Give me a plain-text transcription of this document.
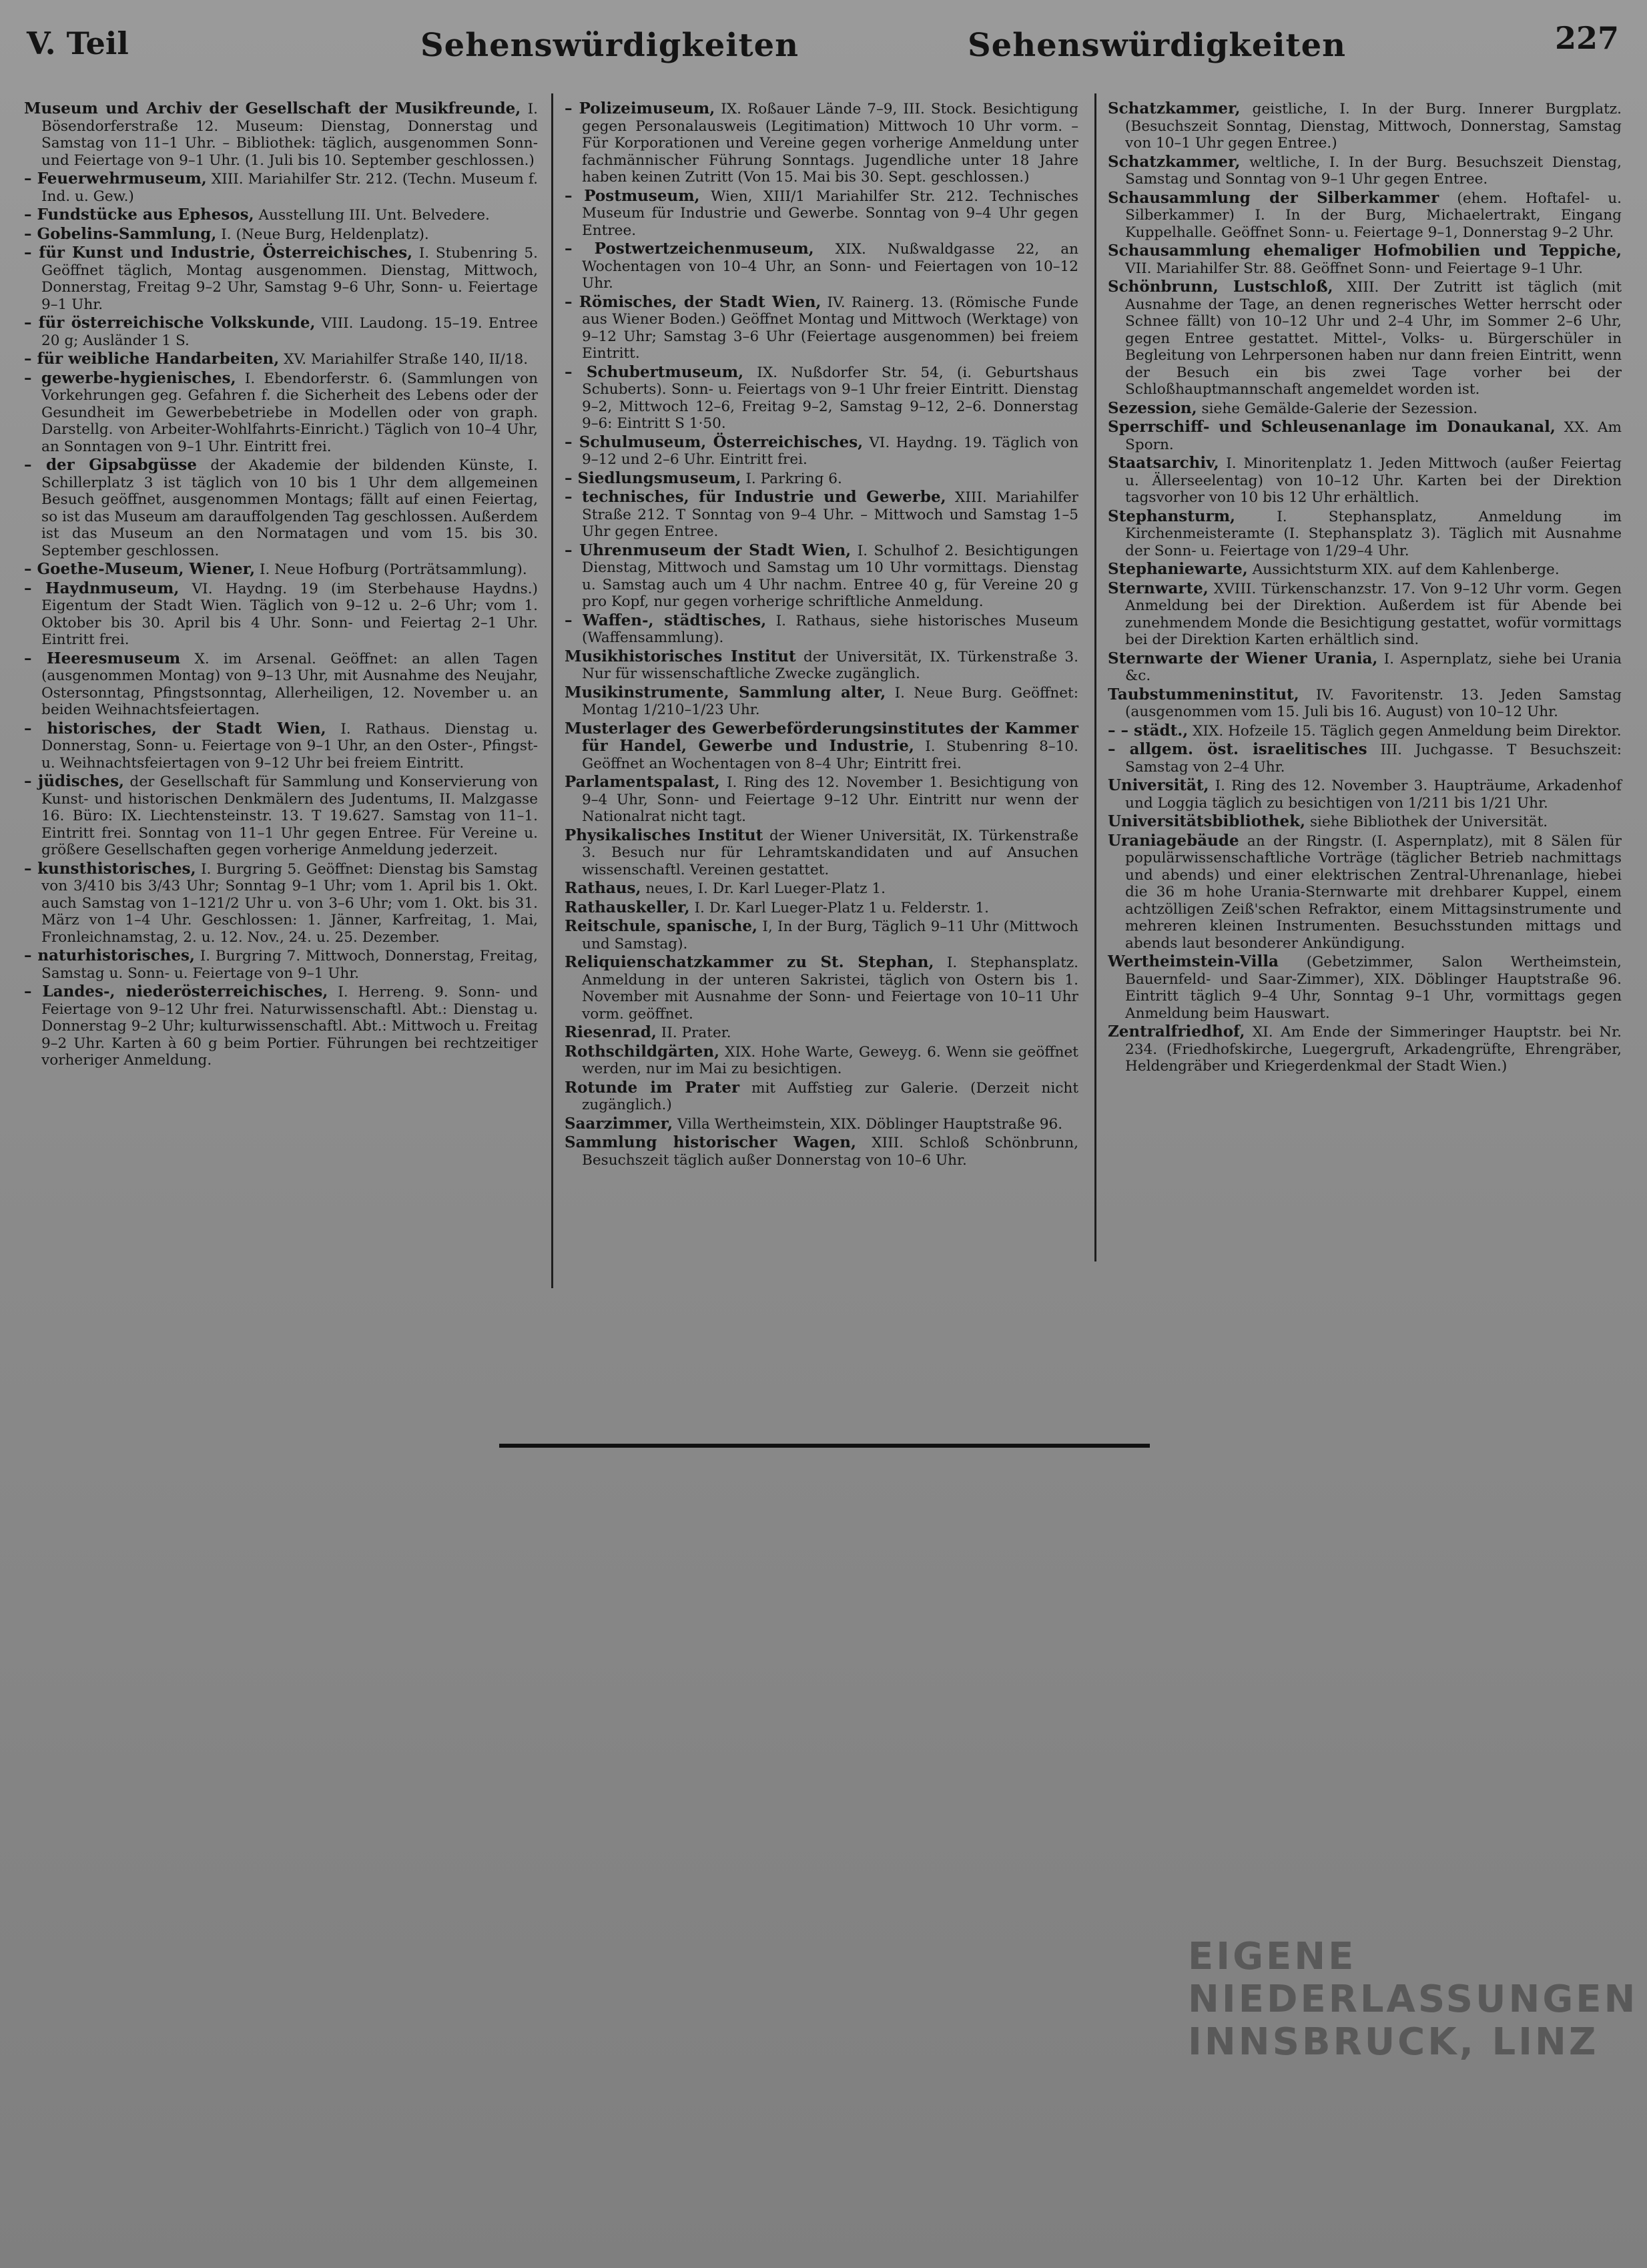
V. Teil	Sehenswürdigkeiten	Sehenswürdigkeiten	227
Museum und Archiv der Gesellschaft der Musikfreunde, I. Bösendorferstraße 12. Museum: Dienstag, Donnerstag und Samstag von 11–1 Uhr. – Bibliothek: täglich, ausgenommen Sonn- und Feiertage von 9–1 Uhr. (1. Juli bis 10. September geschlossen.)
– Feuerwehrmuseum, XIII. Mariahilfer Str. 212. (Techn. Museum f. Ind. u. Gew.)
– Fundstücke aus Ephesos, Ausstellung III. Unt. Belvedere.
– Gobelins-Sammlung, I. (Neue Burg, Heldenplatz).
– für Kunst und Industrie, Österreichisches, I. Stubenring 5. Geöffnet täglich, Montag ausgenommen. Dienstag, Mittwoch, Donnerstag, Freitag 9–2 Uhr, Samstag 9–6 Uhr, Sonn- u. Feiertage 9–1 Uhr.
– für österreichische Volkskunde, VIII. Laudong. 15–19. Entree 20 g; Ausländer 1 S.
– für weibliche Handarbeiten, XV. Mariahilfer Straße 140, II/18.
– gewerbe-hygienisches, I. Ebendorferstr. 6. (Sammlungen von Vorkehrungen geg. Gefahren f. die Sicherheit des Lebens oder der Gesundheit im Gewerbebetriebe in Modellen oder von graph. Darstellg. von Arbeiter-Wohlfahrts-Einricht.) Täglich von 10–4 Uhr, an Sonntagen von 9–1 Uhr. Eintritt frei.
– der Gipsabgüsse der Akademie der bildenden Künste, I. Schillerplatz 3 ist täglich von 10 bis 1 Uhr dem allgemeinen Besuch geöffnet, ausgenommen Montags; fällt auf einen Feiertag, so ist das Museum am darauffolgenden Tag geschlossen. Außerdem ist das Museum an den Normatagen und vom 15. bis 30. September geschlossen.
– Goethe-Museum, Wiener, I. Neue Hofburg (Porträtsammlung).
– Haydnmuseum, VI. Haydng. 19 (im Sterbehause Haydns.) Eigentum der Stadt Wien. Täglich von 9–12 u. 2–6 Uhr; vom 1. Oktober bis 30. April bis 4 Uhr. Sonn- und Feiertag 2–1 Uhr. Eintritt frei.
– Heeresmuseum X. im Arsenal. Geöffnet: an allen Tagen (ausgenommen Montag) von 9–13 Uhr, mit Ausnahme des Neujahr, Ostersonntag, Pfingstsonntag, Allerheiligen, 12. November u. an beiden Weihnachtsfeiertagen.
– historisches, der Stadt Wien, I. Rathaus. Dienstag u. Donnerstag, Sonn- u. Feiertage von 9–1 Uhr, an den Oster-, Pfingst- u. Weihnachtsfeiertagen von 9–12 Uhr bei freiem Eintritt.
– jüdisches, der Gesellschaft für Sammlung und Konservierung von Kunst- und historischen Denkmälern des Judentums, II. Malzgasse 16. Büro: IX. Liechtensteinstr. 13. T 19.627. Samstag von 11–1. Eintritt frei. Sonntag von 11–1 Uhr gegen Entree. Für Vereine u. größere Gesellschaften gegen vorherige Anmeldung jederzeit.
– kunsthistorisches, I. Burgring 5. Geöffnet: Dienstag bis Samstag von 3/410 bis 3/43 Uhr; Sonntag 9–1 Uhr; vom 1. April bis 1. Okt. auch Samstag von 1–121/2 Uhr u. von 3–6 Uhr; vom 1. Okt. bis 31. März von 1–4 Uhr. Geschlossen: 1. Jänner, Karfreitag, 1. Mai, Fronleichnamstag, 2. u. 12. Nov., 24. u. 25. Dezember.
– naturhistorisches, I. Burgring 7. Mittwoch, Donnerstag, Freitag, Samstag u. Sonn- u. Feiertage von 9–1 Uhr.
– Landes-, niederösterreichisches, I. Herreng. 9. Sonn- und Feiertage von 9–12 Uhr frei. Naturwissenschaftl. Abt.: Dienstag u. Donnerstag 9–2 Uhr; kulturwissenschaftl. Abt.: Mittwoch u. Freitag 9–2 Uhr. Karten à 60 g beim Portier. Führungen bei rechtzeitiger vorheriger Anmeldung.
– Polizeimuseum, IX. Roßauer Lände 7–9, III. Stock. Besichtigung gegen Personalausweis (Legitimation) Mittwoch 10 Uhr vorm. – Für Korporationen und Vereine gegen vorherige Anmeldung unter fachmännischer Führung Sonntags. Jugendliche unter 18 Jahre haben keinen Zutritt (Von 15. Mai bis 30. Sept. geschlossen.)
– Postmuseum, Wien, XIII/1 Mariahilfer Str. 212. Technisches Museum für Industrie und Gewerbe. Sonntag von 9–4 Uhr gegen Entree.
– Postwertzeichenmuseum, XIX. Nußwaldgasse 22, an Wochentagen von 10–4 Uhr, an Sonn- und Feiertagen von 10–12 Uhr.
– Römisches, der Stadt Wien, IV. Rainerg. 13. (Römische Funde aus Wiener Boden.) Geöffnet Montag und Mittwoch (Werktage) von 9–12 Uhr; Samstag 3–6 Uhr (Feiertage ausgenommen) bei freiem Eintritt.
– Schubertmuseum, IX. Nußdorfer Str. 54, (i. Geburtshaus Schuberts). Sonn- u. Feiertags von 9–1 Uhr freier Eintritt. Dienstag 9–2, Mittwoch 12–6, Freitag 9–2, Samstag 9–12, 2–6. Donnerstag 9–6: Eintritt S 1·50.
– Schulmuseum, Österreichisches, VI. Haydng. 19. Täglich von 9–12 und 2–6 Uhr. Eintritt frei.
– Siedlungsmuseum, I. Parkring 6.
– technisches, für Industrie und Gewerbe, XIII. Mariahilfer Straße 212. T Sonntag von 9–4 Uhr. – Mittwoch und Samstag 1–5 Uhr gegen Entree.
– Uhrenmuseum der Stadt Wien, I. Schulhof 2. Besichtigungen Dienstag, Mittwoch und Samstag um 10 Uhr vormittags. Dienstag u. Samstag auch um 4 Uhr nachm. Entree 40 g, für Vereine 20 g pro Kopf, nur gegen vorherige schriftliche Anmeldung.
– Waffen-, städtisches, I. Rathaus, siehe historisches Museum (Waffensammlung).
Musikhistorisches Institut der Universität, IX. Türkenstraße 3. Nur für wissenschaftliche Zwecke zugänglich.
Musikinstrumente, Sammlung alter, I. Neue Burg. Geöffnet: Montag 1/210–1/23 Uhr.
Musterlager des Gewerbeförderungsinstitutes der Kammer für Handel, Gewerbe und Industrie, I. Stubenring 8–10. Geöffnet an Wochentagen von 8–4 Uhr; Eintritt frei.
Parlamentspalast, I. Ring des 12. November 1. Besichtigung von 9–4 Uhr, Sonn- und Feiertage 9–12 Uhr. Eintritt nur wenn der Nationalrat nicht tagt.
Physikalisches Institut der Wiener Universität, IX. Türkenstraße 3. Besuch nur für Lehramtskandidaten und auf Ansuchen wissenschaftl. Vereinen gestattet.
Rathaus, neues, I. Dr. Karl Lueger-Platz 1.
Rathauskeller, I. Dr. Karl Lueger-Platz 1 u. Felderstr. 1.
Reitschule, spanische, I, In der Burg, Täglich 9–11 Uhr (Mittwoch und Samstag).
Reliquienschatzkammer zu St. Stephan, I. Stephansplatz. Anmeldung in der unteren Sakristei, täglich von Ostern bis 1. November mit Ausnahme der Sonn- und Feiertage von 10–11 Uhr vorm. geöffnet.
Riesenrad, II. Prater.
Rothschildgärten, XIX. Hohe Warte, Geweyg. 6. Wenn sie geöffnet werden, nur im Mai zu besichtigen.
Rotunde im Prater mit Auffstieg zur Galerie. (Derzeit nicht zugänglich.)
Saarzimmer, Villa Wertheimstein, XIX. Döblinger Hauptstraße 96.
Sammlung historischer Wagen, XIII. Schloß Schönbrunn, Besuchszeit täglich außer Donnerstag von 10–6 Uhr.
Schatzkammer, geistliche, I. In der Burg. Innerer Burgplatz. (Besuchszeit Sonntag, Dienstag, Mittwoch, Donnerstag, Samstag von 10–1 Uhr gegen Entree.)
Schatzkammer, weltliche, I. In der Burg. Besuchszeit Dienstag, Samstag und Sonntag von 9–1 Uhr gegen Entree.
Schausammlung der Silberkammer (ehem. Hoftafel- u. Silberkammer) I. In der Burg, Michaelertrakt, Eingang Kuppelhalle. Geöffnet Sonn- u. Feiertage 9–1, Donnerstag 9–2 Uhr.
Schausammlung ehemaliger Hofmobilien und Teppiche, VII. Mariahilfer Str. 88. Geöffnet Sonn- und Feiertage 9–1 Uhr.
Schönbrunn, Lustschloß, XIII. Der Zutritt ist täglich (mit Ausnahme der Tage, an denen regnerisches Wetter herrscht oder Schnee fällt) von 10–12 Uhr und 2–4 Uhr, im Sommer 2–6 Uhr, gegen Entree gestattet. Mittel-, Volks- u. Bürgerschüler in Begleitung von Lehrpersonen haben nur dann freien Eintritt, wenn der Besuch ein bis zwei Tage vorher bei der Schloßhauptmannschaft angemeldet worden ist.
Sezession, siehe Gemälde-Galerie der Sezession.
Sperrschiff- und Schleusenanlage im Donaukanal, XX. Am Sporn.
Staatsarchiv, I. Minoritenplatz 1. Jeden Mittwoch (außer Feiertag u. Ällerseelentag) von 10–12 Uhr. Karten bei der Direktion tagsvorher von 10 bis 12 Uhr erhältlich.
Stephansturm, I. Stephansplatz, Anmeldung im Kirchenmeisteramte (I. Stephansplatz 3). Täglich mit Ausnahme der Sonn- u. Feiertage von 1/29–4 Uhr.
Stephaniewarte, Aussichtsturm XIX. auf dem Kahlenberge.
Sternwarte, XVIII. Türkenschanzstr. 17. Von 9–12 Uhr vorm. Gegen Anmeldung bei der Direktion. Außerdem ist für Abende bei zunehmendem Monde die Besichtigung gestattet, wofür vormittags bei der Direktion Karten erhältlich sind.
Sternwarte der Wiener Urania, I. Aspernplatz, siehe bei Urania &c.
Taubstummeninstitut, IV. Favoritenstr. 13. Jeden Samstag (ausgenommen vom 15. Juli bis 16. August) von 10–12 Uhr.
– – städt., XIX. Hofzeile 15. Täglich gegen Anmeldung beim Direktor.
– allgem. öst. israelitisches III. Juchgasse. T Besuchszeit: Samstag von 2–4 Uhr.
Universität, I. Ring des 12. November 3. Haupträume, Arkadenhof und Loggia täglich zu besichtigen von 1/211 bis 1/21 Uhr.
Universitätsbibliothek, siehe Bibliothek der Universität.
Uraniagebäude an der Ringstr. (I. Aspernplatz), mit 8 Sälen für populärwissenschaftliche Vorträge (täglicher Betrieb nachmittags und abends) und einer elektrischen Zentral-Uhrenanlage, hiebei die 36 m hohe Urania-Sternwarte mit drehbarer Kuppel, einem achtzölligen Zeiß'schen Refraktor, einem Mittagsinstrumente und mehreren kleinen Instrumenten. Besuchsstunden mittags und abends laut besonderer Ankündigung.
Wertheimstein-Villa (Gebetzimmer, Salon Wertheimstein, Bauernfeld- und Saar-Zimmer), XIX. Döblinger Hauptstraße 96. Eintritt täglich 9–4 Uhr, Sonntag 9–1 Uhr, vormittags gegen Anmeldung beim Hauswart.
Zentralfriedhof, XI. Am Ende der Simmeringer Hauptstr. bei Nr. 234. (Friedhofskirche, Luegergruft, Arkadengrüfte, Ehrengräber, Heldengräber und Kriegerdenkmal der Stadt Wien.)
EIGENE NIEDERLASSUNGEN INNSBRUCK, LINZ
